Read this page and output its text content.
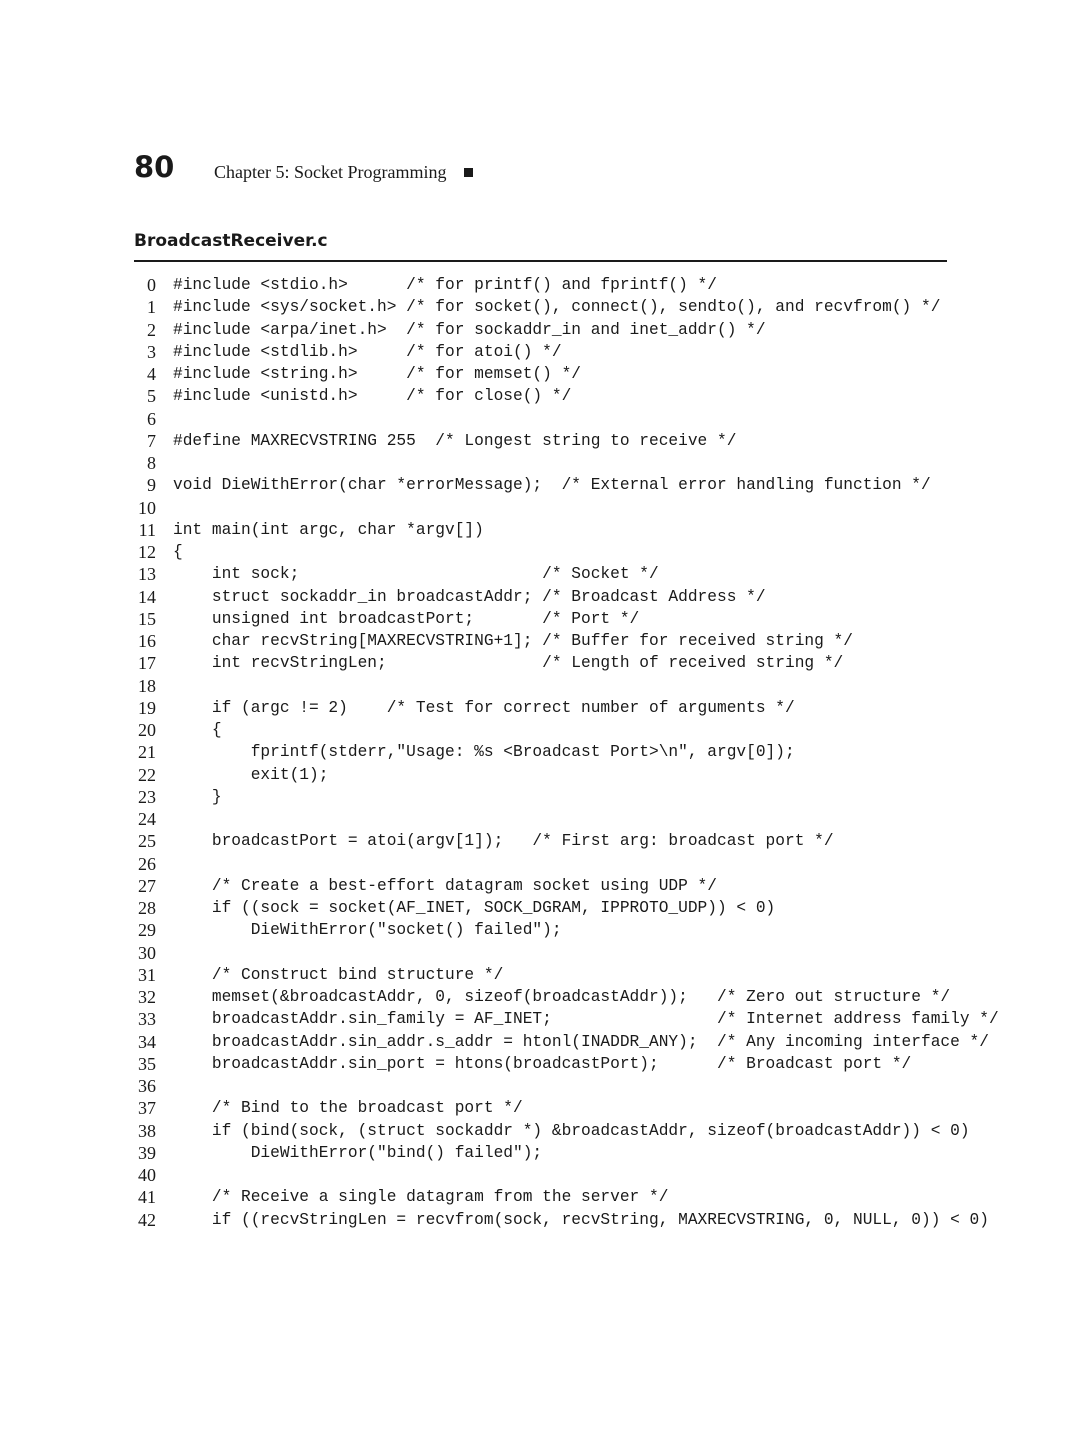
80 Chapter 5: Socket Programming
BroadcastReceiver.c
0 #include <stdio.h>      /* for printf() and fprintf() */
1 #include <sys/socket.h> /* for socket(), connect(), sendto(), and recvfrom() */
2 #include <arpa/inet.h>  /* for sockaddr_in and inet_addr() */
3 #include <stdlib.h>     /* for atoi() */
4 #include <string.h>     /* for memset() */
5 #include <unistd.h>     /* for close() */
6
7 #define MAXRECVSTRING 255  /* Longest string to receive */
8
9 void DieWithError(char *errorMessage);  /* External error handling function */
10
11 int main(int argc, char *argv[])
12 {
13 int sock;                         /* Socket */
14 struct sockaddr_in broadcastAddr; /* Broadcast Address */
15 unsigned int broadcastPort;       /* Port */
16 char recvString[MAXRECVSTRING+1]; /* Buffer for received string */
17 int recvStringLen;                /* Length of received string */
18
19 if (argc != 2)    /* Test for correct number of arguments */
20 {
21 fprintf(stderr,"Usage: %s <Broadcast Port>\n", argv[0]);
22 exit(1);
23 }
24
25 broadcastPort = atoi(argv[1]);   /* First arg: broadcast port */
26
27 /* Create a best-effort datagram socket using UDP */
28 if ((sock = socket(AF_INET, SOCK_DGRAM, IPPROTO_UDP)) < 0)
29 DieWithError("socket() failed");
30
31 /* Construct bind structure */
32 memset(&broadcastAddr, 0, sizeof(broadcastAddr));   /* Zero out structure */
33 broadcastAddr.sin_family = AF_INET;                 /* Internet address family */
34 broadcastAddr.sin_addr.s_addr = htonl(INADDR_ANY);  /* Any incoming interface */
35 broadcastAddr.sin_port = htons(broadcastPort);      /* Broadcast port */
36
37 /* Bind to the broadcast port */
38 if (bind(sock, (struct sockaddr *) &broadcastAddr, sizeof(broadcastAddr)) < 0)
39 DieWithError("bind() failed");
40
41 /* Receive a single datagram from the server */
42 if ((recvStringLen = recvfrom(sock, recvString, MAXRECVSTRING, 0, NULL, 0)) < 0)
